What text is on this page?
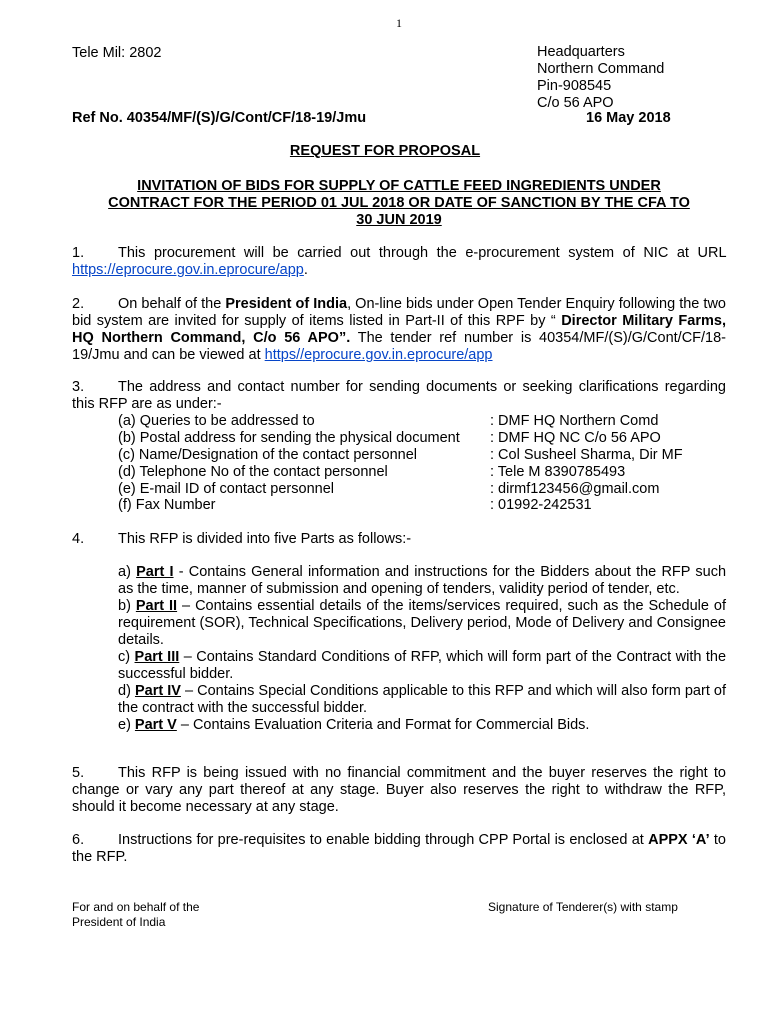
1
Tele Mil: 2802	Headquarters
Northern Command
Pin-908545
C/o 56 APO
Ref No. 40354/MF/(S)/G/Cont/CF/18-19/Jmu	16 May 2018
REQUEST FOR PROPOSAL
INVITATION OF BIDS FOR SUPPLY OF CATTLE FEED INGREDIENTS UNDER
CONTRACT FOR THE PERIOD 01 JUL 2018 OR DATE OF SANCTION BY THE CFA TO
30 JUN 2019

1. This procurement will be carried out through the e-procurement system of NIC at URL https://eprocure.gov.in.eprocure/app.

2. On behalf of the President of India, On-line bids under Open Tender Enquiry following the two bid system are invited for supply of items listed in Part-II of this RPF by “ Director Military Farms, HQ Northern Command, C/o 56 APO”. The tender ref number is 40354/MF/(S)/G/Cont/CF/18-19/Jmu and can be viewed at https//eprocure.gov.in.eprocure/app

3. The address and contact number for sending documents or seeking clarifications regarding this RFP are as under:-

(a) Queries to be addressed to	: DMF HQ Northern Comd
(b) Postal address for sending the physical document : DMF HQ NC C/o 56 APO
(c) Name/Designation of the contact personnel	: Col Susheel Sharma, Dir MF
(d) Telephone No of the contact personnel	: Tele M 8390785493
(e) E-mail ID of contact personnel	: dirmf123456@gmail.com
(f) Fax Number	: 01992-242531

4. This RFP is divided into five Parts as follows:-

a) Part I - Contains General information and instructions for the Bidders about the RFP such as the time, manner of submission and opening of tenders, validity period of tender, etc.

b) Part II – Contains essential details of the items/services required, such as the Schedule of requirement (SOR), Technical Specifications, Delivery period, Mode of Delivery and Consignee details.

c) Part III – Contains Standard Conditions of RFP, which will form part of the Contract with the successful bidder.

d) Part IV – Contains Special Conditions applicable to this RFP and which will also form part of the contract with the successful bidder.

e) Part V – Contains Evaluation Criteria and Format for Commercial Bids.

5. This RFP is being issued with no financial commitment and the buyer reserves the right to change or vary any part thereof at any stage. Buyer also reserves the right to withdraw the RFP, should it become necessary at any stage.

6. Instructions for pre-requisites to enable bidding through CPP Portal is enclosed at APPX ‘A’ to the RFP.

For and on behalf of the
President of India
Signature of Tenderer(s) with stamp
